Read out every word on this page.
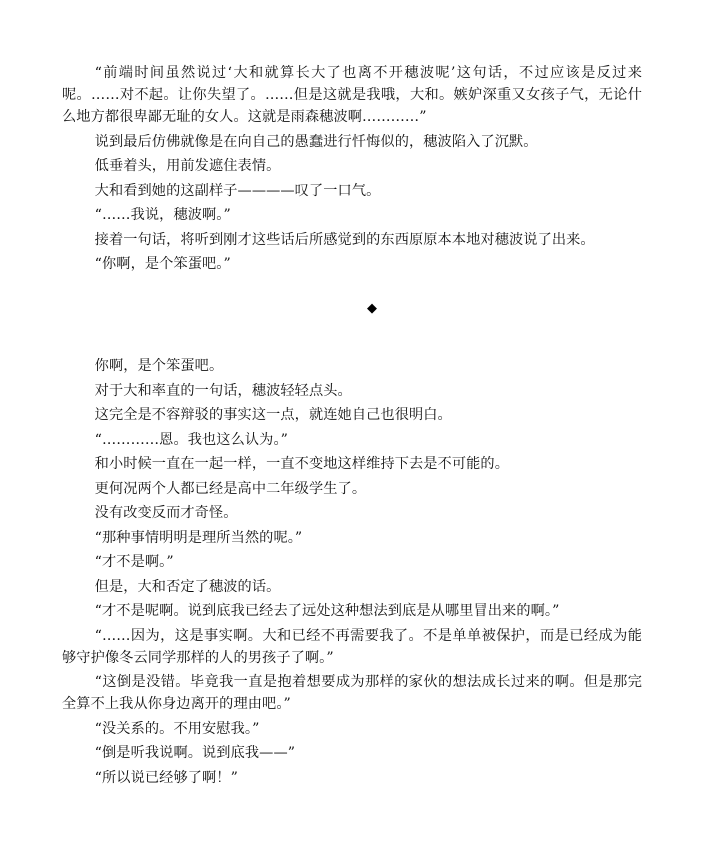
“前端时间虽然说过‘大和就算长大了也离不开穗波呢’这句话，不过应该是反过来呢。……对不起。让你失望了。……但是这就是我哦，大和。嫉妒深重又女孩子气，无论什么地方都很卑鄙无耻的女人。这就是雨森穗波啊…………”

说到最后仿佛就像是在向自己的愚蠢进行忏悔似的，穗波陷入了沉默。

低垂着头，用前发遮住表情。

大和看到她的这副样子————叹了一口气。

“……我说，穗波啊。”

接着一句话，将听到刚才这些话后所感觉到的东西原原本本地对穗波说了出来。

“你啊，是个笨蛋吧。”

◆

你啊，是个笨蛋吧。

对于大和率直的一句话，穗波轻轻点头。

这完全是不容辩驳的事实这一点，就连她自己也很明白。

“…………恩。我也这么认为。”

和小时候一直在一起一样，一直不变地这样维持下去是不可能的。

更何况两个人都已经是高中二年级学生了。

没有改变反而才奇怪。

“那种事情明明是理所当然的呢。”

“才不是啊。”

但是，大和否定了穗波的话。

“才不是呢啊。说到底我已经去了远处这种想法到底是从哪里冒出来的啊。”

“……因为，这是事实啊。大和已经不再需要我了。不是单单被保护，而是已经成为能够守护像冬云同学那样的人的男孩子了啊。”

“这倒是没错。毕竟我一直是抱着想要成为那样的家伙的想法成长过来的啊。但是那完全算不上我从你身边离开的理由吧。”

“没关系的。不用安慰我。”

“倒是听我说啊。说到底我——”

“所以说已经够了啊！”
